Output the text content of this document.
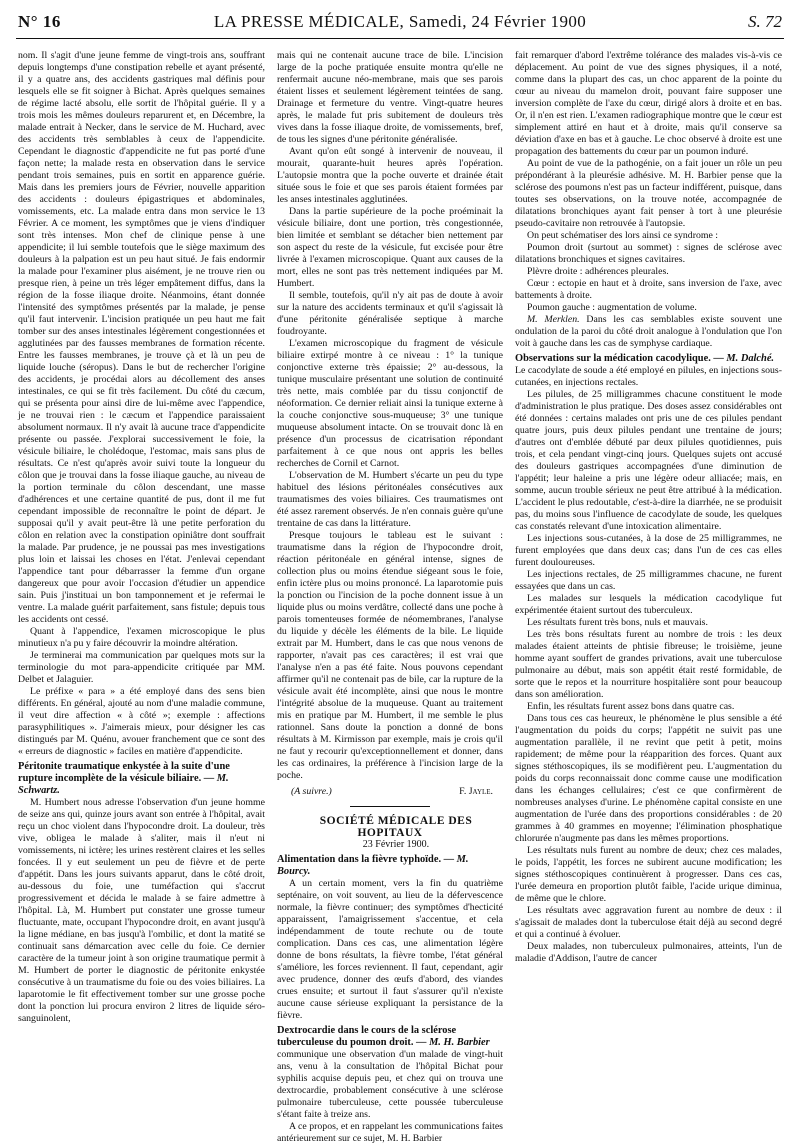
N° 16	LA PRESSE MÉDICALE, Samedi, 24 Février 1900	S. 72

nom. Il s'agit d'une jeune femme de vingt-trois ans, souffrant depuis longtemps d'une constipation rebelle et ayant présenté, il y a quatre ans, des accidents gastriques mal définis pour lesquels elle se fit soigner à Bichat. Après quelques semaines de régime lacté absolu, elle sortit de l'hôpital guérie. Il y a trois mois les mêmes douleurs reparurent et, en Décembre, la malade entrait à Necker, dans le service de M. Huchard, avec des accidents très semblables à ceux de l'appendicite. Cependant le diagnostic d'appendicite ne fut pas porté d'une façon nette; la malade resta en observation dans le service pendant trois semaines, puis en sortit en apparence guérie. Mais dans les premiers jours de Février, nouvelle apparition des accidents : douleurs épigastriques et abdominales, vomissements, etc. La malade entra dans mon service le 13 Février. A ce moment, les symptômes que je viens d'indiquer sont très intenses. Mon chef de clinique pense à une appendicite; il lui semble toutefois que le siège maximum des douleurs à la palpation est un peu haut situé. Je fais endormir la malade pour l'examiner plus aisément, je ne trouve rien ou presque rien, à peine un très léger empâtement diffus, dans la région de la fosse iliaque droite. Néanmoins, étant donnée l'intensité des symptômes présentés par la malade, je pense qu'il faut intervenir. L'incision pratiquée un peu haut me fait tomber sur des anses intestinales légèrement congestionnées et agglutinées par des fausses membranes de formation récente. Entre les fausses membranes, je trouve çà et là un peu de liquide louche (séropus). Dans le but de rechercher l'origine des accidents, je procédai alors au décollement des anses intestinales, ce qui se fit très facilement. Du côté du cæcum, qui se présenta pour ainsi dire de lui-même avec l'appendice, je ne trouvai rien : le cæcum et l'appendice paraissaient absolument normaux. Il n'y avait là aucune trace d'appendicite présente ou passée. J'explorai successivement le foie, la vésicule biliaire, le cholédoque, l'estomac, mais sans plus de résultats. Ce n'est qu'après avoir suivi toute la longueur du côlon que je trouvai dans la fosse iliaque gauche, au niveau de la portion terminale du côlon descendant, une masse d'adhérences et une certaine quantité de pus, dont il me fut cependant impossible de reconnaître le point de départ. Je supposai qu'il y avait peut-être là une petite perforation du côlon en relation avec la constipation opiniâtre dont souffrait la malade. Par prudence, je ne poussai pas mes investigations plus loin et laissai les choses en l'état. J'enlevai cependant l'appendice tant pour débarrasser la femme d'un organe dangereux que pour avoir l'occasion d'étudier un appendice sain. Puis j'instituai un bon tamponnement et je refermai le ventre. La malade guérit parfaitement, sans fistule; depuis tous les accidents ont cessé.

Quant à l'appendice, l'examen microscopique le plus minutieux n'a pu y faire découvrir la moindre altération.

Je terminerai ma communication par quelques mots sur la terminologie du mot para-appendicite critiquée par MM. Delbet et Jalaguier.

Le préfixe « para » a été employé dans des sens bien différents. En général, ajouté au nom d'une maladie commune, il veut dire affection « à côté »; exemple : affections parasyphilitiques ». J'aimerais mieux, pour désigner les cas distingués par M. Quénu, avouer franchement que ce sont des « erreurs de diagnostic » faciles en matière d'appendicite.

Péritonite traumatique enkystée à la suite d'une rupture incomplète de la vésicule biliaire. — M. Schwartz.

M. Humbert nous adresse l'observation d'un jeune homme de seize ans qui, quinze jours avant son entrée à l'hôpital, avait reçu un choc violent dans l'hypocondre droit. La douleur, très vive, obligea le malade à s'aliter, mais il n'eut ni vomissements, ni ictère; les urines restèrent claires et les selles foncées. Il y eut seulement un peu de fièvre et de perte d'appétit. Dans les jours suivants apparut, dans le côté droit, au-dessous du foie, une tuméfaction qui s'accrut progressivement et décida le malade à se faire admettre à l'hôpital. Là, M. Humbert put constater une grosse tumeur fluctuante, mate, occupant l'hypocondre droit, en avant jusqu'à la ligne médiane, en bas jusqu'à l'ombilic, et dont la matité se continuait sans démarcation avec celle du foie. Ce dernier caractère de la tumeur joint à son origine traumatique permit à M. Humbert de porter le diagnostic de péritonite enkystée consécutive à un traumatisme du foie ou des voies biliaires. La laparotomie le fit effectivement tomber sur une grosse poche dont la ponction lui procura environ 2 litres de liquide séro-sanguinolent,

mais qui ne contenait aucune trace de bile. L'incision large de la poche pratiquée ensuite montra qu'elle ne renfermait aucune néo-membrane, mais que ses parois étaient lisses et seulement légèrement teintées de sang. Drainage et fermeture du ventre. Vingt-quatre heures après, le malade fut pris subitement de douleurs très vives dans la fosse iliaque droite, de vomissements, bref, de tous les signes d'une péritonite généralisée.

Avant qu'on eût songé à intervenir de nouveau, il mourait, quarante-huit heures après l'opération. L'autopsie montra que la poche ouverte et drainée était située sous le foie et que ses parois étaient formées par les anses intestinales agglutinées.

Dans la partie supérieure de la poche proéminait la vésicule biliaire, dont une portion, très congestionnée, bien limitée et semblant se détacher bien nettement par son aspect du reste de la vésicule, fut excisée pour être livrée à l'examen microscopique. Quant aux causes de la mort, elles ne sont pas très nettement indiquées par M. Humbert.

Il semble, toutefois, qu'il n'y ait pas de doute à avoir sur la nature des accidents terminaux et qu'il s'agissait là d'une péritonite généralisée septique à marche foudroyante.

L'examen microscopique du fragment de vésicule biliaire extirpé montre à ce niveau : 1° la tunique conjonctive externe très épaissie; 2° au-dessous, la tunique musculaire présentant une solution de continuité très nette, mais comblée par du tissu conjonctif de néoformation. Ce dernier reliait ainsi la tunique externe à la couche conjonctive sous-muqueuse; 3° une tunique muqueuse absolument intacte. On se trouvait donc là en présence d'un processus de cicatrisation répondant parfaitement à ce que nous ont appris les belles recherches de Cornil et Carnot.

L'observation de M. Humbert s'écarte un peu du type habituel des lésions péritonéales consécutives aux traumatismes des voies biliaires. Ces traumatismes ont été assez rarement observés. Je n'en connais guère qu'une trentaine de cas dans la littérature.

Presque toujours le tableau est le suivant : traumatisme dans la région de l'hypocondre droit, réaction péritonéale en général intense, signes de collection plus ou moins étendue siégeant sous le foie, enfin ictère plus ou moins prononcé. La laparotomie puis la ponction ou l'incision de la poche donnent issue à un liquide plus ou moins verdâtre, collecté dans une poche à parois tomenteuses formée de néomembranes, l'analyse du liquide y décèle les éléments de la bile. Le liquide extrait par M. Humbert, dans le cas que nous venons de rapporter, n'avait pas ces caractères; il est vrai que l'analyse n'en a pas été faite. Nous pouvons cependant affirmer qu'il ne contenait pas de bile, car la rupture de la vésicule avait été incomplète, ainsi que nous le montre l'intégrité absolue de la muqueuse. Quant au traitement mis en pratique par M. Humbert, il me semble le plus rationnel. Sans doute la ponction a donné de bons résultats à M. Kirmisson par exemple, mais je crois qu'il ne faut y recourir qu'exceptionnellement et donner, dans les cas ordinaires, la préférence à l'incision large de la poche.

(A suivre.)	F. Jayle.

SOCIÉTÉ MÉDICALE DES HOPITAUX

23 Février 1900.

Alimentation dans la fièvre typhoïde. — M. Bourcy.

A un certain moment, vers la fin du quatrième septénaire, on voit souvent, au lieu de la défervescence normale, la fièvre continuer; des symptômes d'hecticité apparaissent, l'amaigrissement s'accentue, et cela indépendamment de toute rechute ou de toute complication. Dans ces cas, une alimentation légère donne de bons résultats, la fièvre tombe, l'état général s'améliore, les forces reviennent. Il faut, cependant, agir avec prudence, donner des œufs d'abord, des viandes crues ensuite; et surtout il faut s'assurer qu'il n'existe aucune cause sérieuse expliquant la persistance de la fièvre.

Dextrocardie dans le cours de la sclérose tuberculeuse du poumon droit. — M. H. Barbier

communique une observation d'un malade de vingt-huit ans, venu à la consultation de l'hôpital Bichat pour syphilis acquise depuis peu, et chez qui on trouva une dextrocardie, probablement consécutive à une sclérose pulmonaire tuberculeuse, cette poussée tuberculeuse s'étant faite à treize ans.

A ce propos, et en rappelant les communications faites antérieurement sur ce sujet, M. H. Barbier

fait remarquer d'abord l'extrême tolérance des malades vis-à-vis ce déplacement. Au point de vue des signes physiques, il a noté, comme dans la plupart des cas, un choc apparent de la pointe du cœur au niveau du mamelon droit, pouvant faire supposer une inversion complète de l'axe du cœur, dirigé alors à droite et en bas. Or, il n'en est rien. L'examen radiographique montre que le cœur est simplement attiré en haut et à droite, mais qu'il conserve sa déviation d'axe en bas et à gauche. Le choc observé à droite est une propagation des battements du cœur par un poumon induré.

Au point de vue de la pathogénie, on a fait jouer un rôle un peu prépondérant à la pleurésie adhésive. M. H. Barbier pense que la sclérose des poumons n'est pas un facteur indifférent, puisque, dans toutes ses observations, on la trouve notée, accompagnée de dilatations bronchiques ayant fait penser à tort à une pleurésie pseudo-cavitaire non retrouvée à l'autopsie.

On peut schématiser des lors ainsi ce syndrome :

Poumon droit (surtout au sommet) : signes de sclérose avec dilatations bronchiques et signes cavitaires.

Plèvre droite : adhérences pleurales.

Cœur : ectopie en haut et à droite, sans inversion de l'axe, avec battements à droite.

Poumon gauche : augmentation de volume.

M. Merklen. Dans les cas semblables existe souvent une ondulation de la paroi du côté droit analogue à l'ondulation que l'on voit à gauche dans les cas de symphyse cardiaque.

Observations sur la médication cacodylique. — M. Dalché.

Le cacodylate de soude a été employé en pilules, en injections sous-cutanées, en injections rectales.

Les pilules, de 25 milligrammes chacune constituent le mode d'administration le plus pratique. Des doses assez considérables ont été données : certains malades ont pris une de ces pilules pendant quatre jours, puis deux pilules pendant une trentaine de jours; d'autres ont d'emblée débuté par deux pilules quotidiennes, puis trois, et cela pendant vingt-cinq jours. Quelques sujets ont accusé des douleurs gastriques accompagnées d'une diminution de l'appétit; leur haleine a pris une légère odeur alliacée; mais, en somme, aucun trouble sérieux ne peut être attribué à la médication. L'accident le plus redoutable, c'est-à-dire la diarrhée, ne se produisit pas, du moins sous l'influence de cacodylate de soude, les quelques cas constatés relevant d'une intoxication alimentaire.

Les injections sous-cutanées, à la dose de 25 milligrammes, ne furent employées que dans deux cas; dans l'un de ces cas elles furent douloureuses.

Les injections rectales, de 25 milligrammes chacune, ne furent essayées que dans un cas.

Les malades sur lesquels la médication cacodylique fut expérimentée étaient surtout des tuberculeux.

Les résultats furent très bons, nuls et mauvais.

Les très bons résultats furent au nombre de trois : les deux malades étaient atteints de phtisie fibreuse; le troisième, jeune homme ayant souffert de grandes privations, avait une tuberculose pulmonaire au début, mais son appétit était resté formidable, de sorte que le repos et la nourriture hospitalière sont pour beaucoup dans son amélioration.

Enfin, les résultats furent assez bons dans quatre cas.

Dans tous ces cas heureux, le phénomène le plus sensible a été l'augmentation du poids du corps; l'appétit ne suivit pas une augmentation parallèle, il ne revint que petit à petit, moins rapidement; de même pour la réapparition des forces. Quant aux signes stéthoscopiques, ils se modifièrent peu. L'augmentation du poids du corps reconnaissait donc comme cause une modification dans les échanges cellulaires; c'est ce que confirmèrent de nombreuses analyses d'urine. Le phénomène capital consiste en une augmentation de l'urée dans des proportions considérables : de 20 grammes à 40 grammes en moyenne; l'élimination phosphatique chlorurée n'augmente pas dans les mêmes proportions.

Les résultats nuls furent au nombre de deux; chez ces malades, le poids, l'appétit, les forces ne subirent aucune modification; les signes stéthoscopiques continuèrent à progresser. Dans ces cas, l'urée demeura en proportion plutôt faible, l'acide urique diminua, de même que le chlore.

Les résultats avec aggravation furent au nombre de deux : il s'agissait de malades dont la tuberculose était déjà au second degré et qui a continué à évoluer.

Deux malades, non tuberculeux pulmonaires, atteints, l'un de maladie d'Addison, l'autre de cancer
